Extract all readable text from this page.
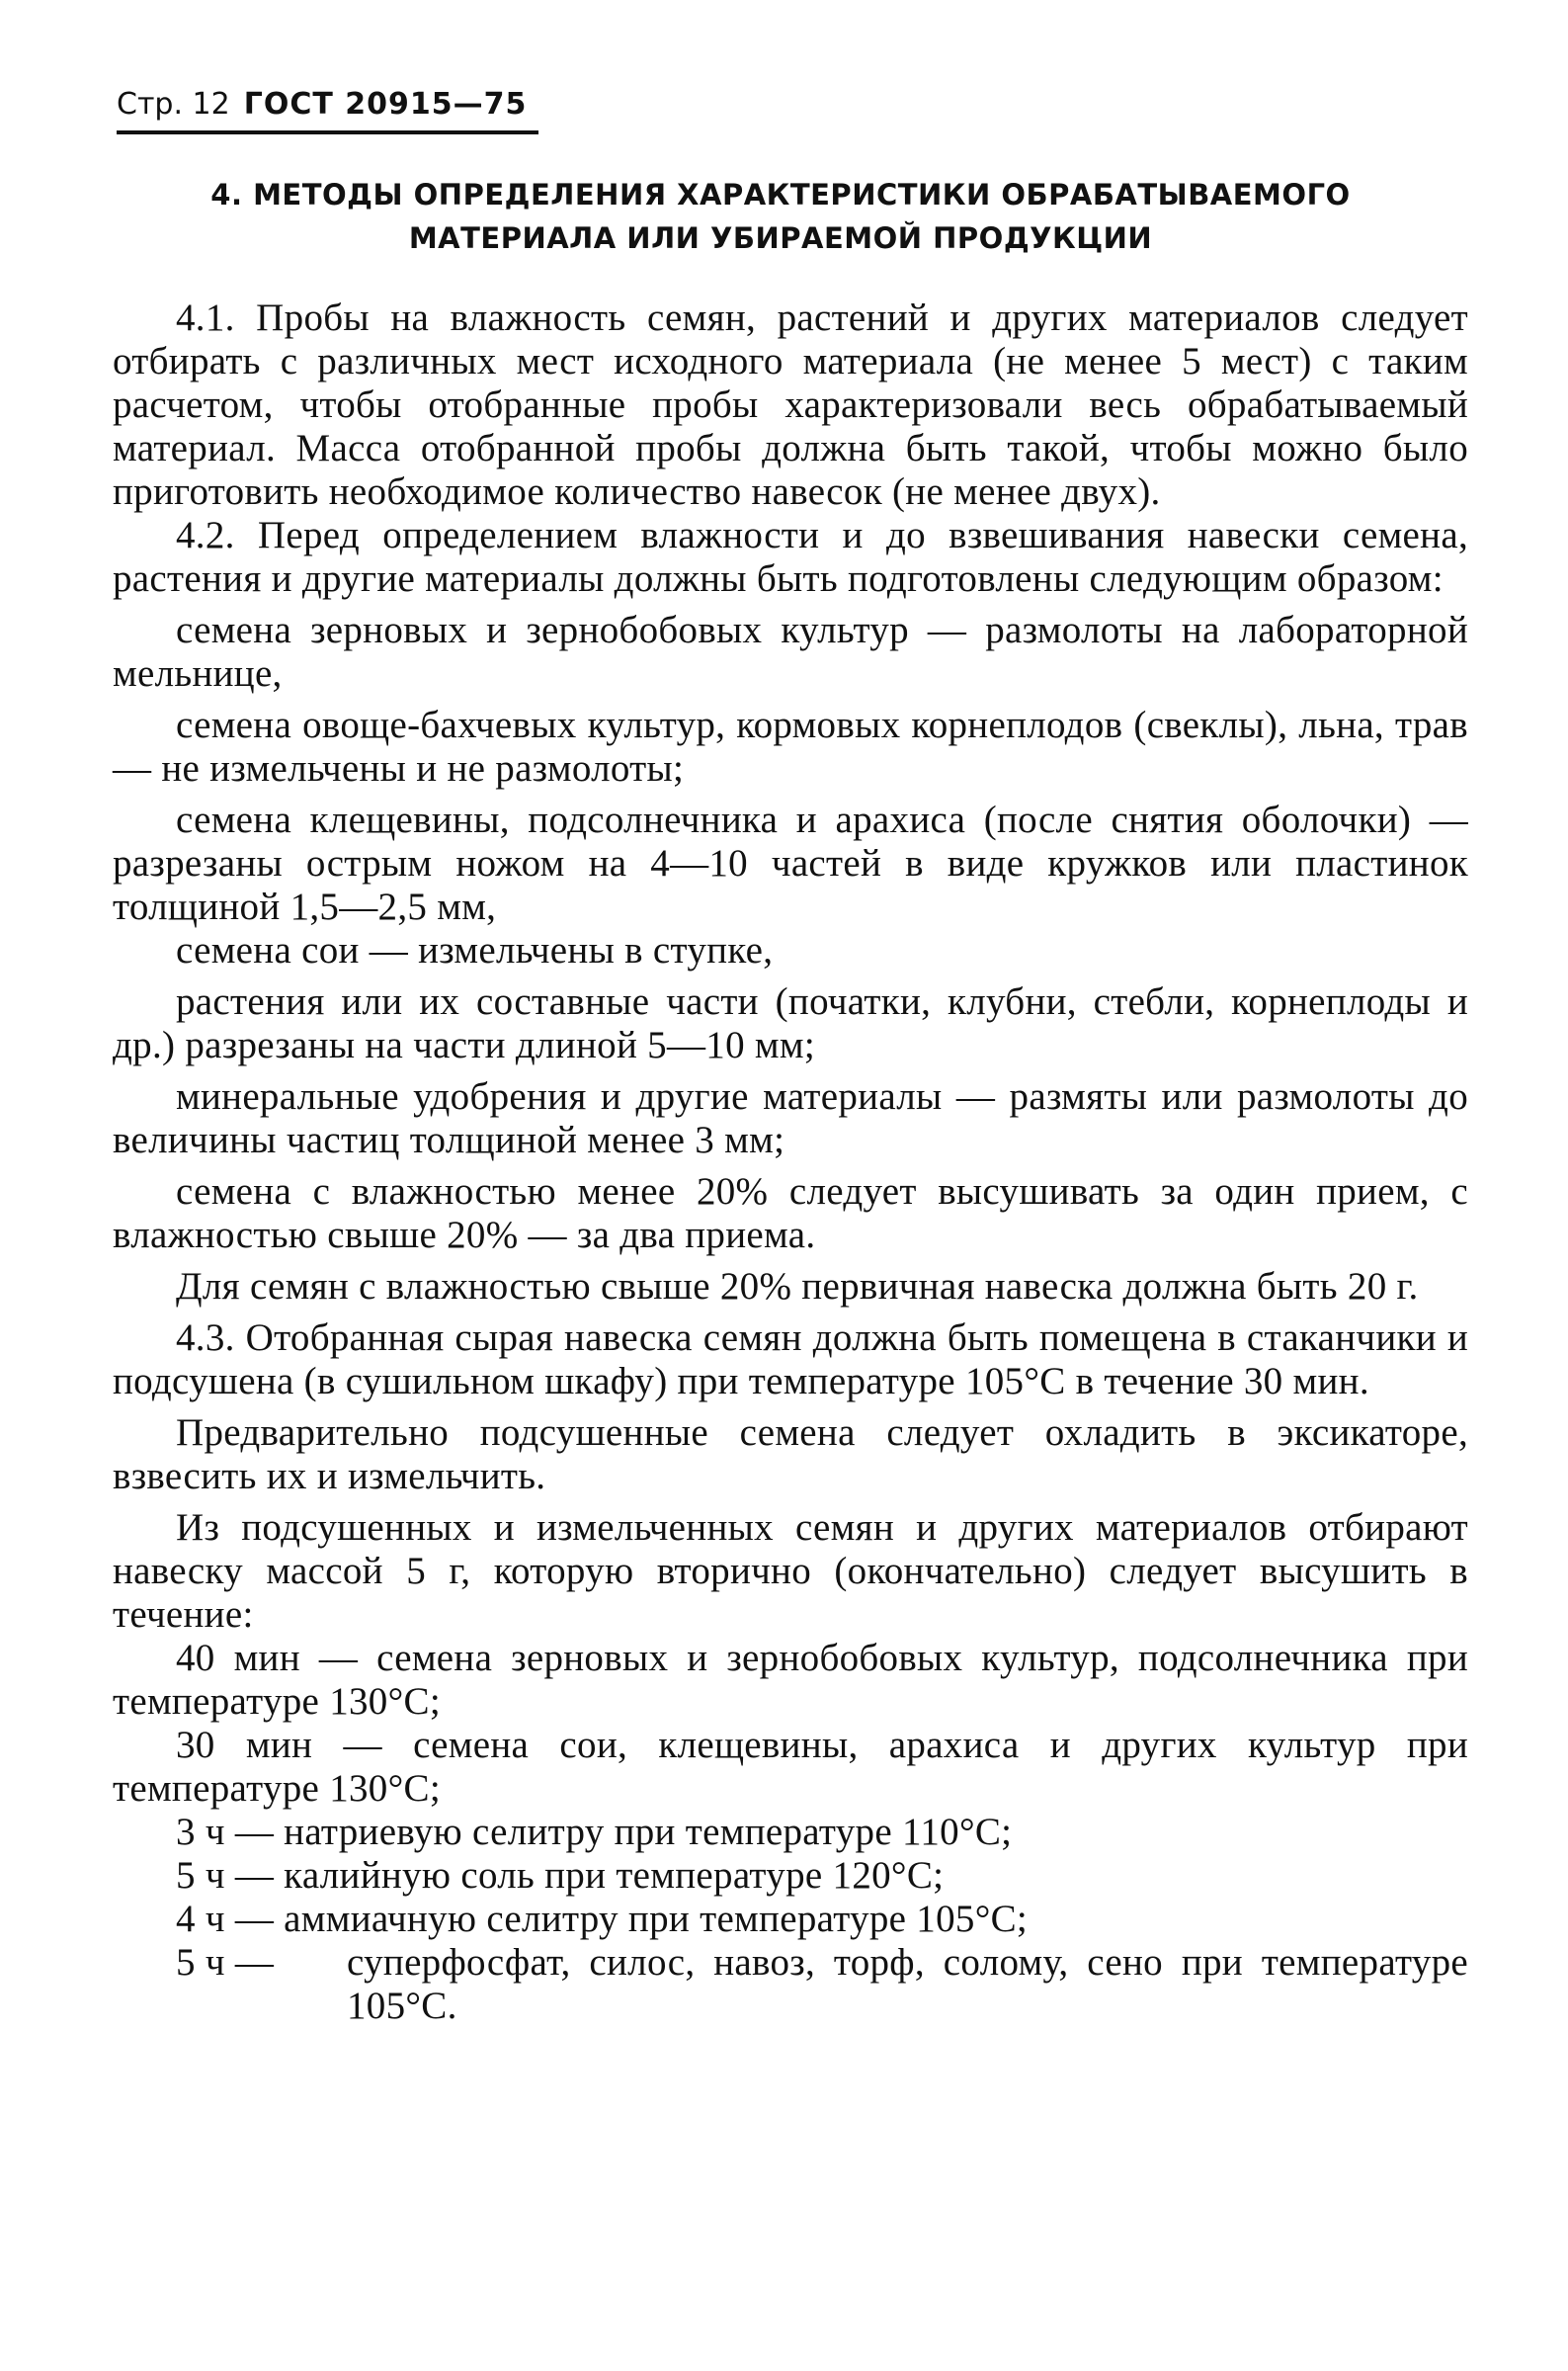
Стр. 12 ГОСТ 20915—75
4. МЕТОДЫ ОПРЕДЕЛЕНИЯ ХАРАКТЕРИСТИКИ ОБРАБАТЫВАЕМОГО
МАТЕРИАЛА ИЛИ УБИРАЕМОЙ ПРОДУКЦИИ

4.1. Пробы на влажность семян, растений и других материалов следует отбирать с различных мест исходного материала (не менее 5 мест) с таким расчетом, чтобы отобранные пробы характеризовали весь обрабатываемый материал. Масса отобранной пробы должна быть такой, чтобы можно было приготовить необходимое количество навесок (не менее двух).

4.2. Перед определением влажности и до взвешивания навески семена, растения и другие материалы должны быть подготовлены следующим образом:

семена зерновых и зернобобовых культур — размолоты на лабораторной мельнице,

семена овоще-бахчевых культур, кормовых корнеплодов (свеклы), льна, трав — не измельчены и не размолоты;

семена клещевины, подсолнечника и арахиса (после снятия оболочки) — разрезаны острым ножом на 4—10 частей в виде кружков или пластинок толщиной 1,5—2,5 мм,

семена сои — измельчены в ступке,

растения или их составные части (початки, клубни, стебли, корнеплоды и др.) разрезаны на части длиной 5—10 мм;

минеральные удобрения и другие материалы — размяты или размолоты до величины частиц толщиной менее 3 мм;

семена с влажностью менее 20% следует высушивать за один прием, с влажностью свыше 20% — за два приема.

Для семян с влажностью свыше 20% первичная навеска должна быть 20 г.

4.3. Отобранная сырая навеска семян должна быть помещена в стаканчики и подсушена (в сушильном шкафу) при температуре 105°С в течение 30 мин.

Предварительно подсушенные семена следует охладить в эксикаторе, взвесить их и измельчить.

Из подсушенных и измельченных семян и других материалов отбирают навеску массой 5 г, которую вторично (окончательно) следует высушить в течение:

40 мин — семена зерновых и зернобобовых культур, подсолнечника при температуре 130°С;

30 мин — семена сои, клещевины, арахиса и других культур при температуре 130°С;

3 ч — натриевую селитру при температуре 110°С;

5 ч — калийную соль при температуре 120°С;

4 ч — аммиачную селитру при температуре 105°С;

5 ч —суперфосфат, силос, навоз, торф, солому, сено при температуре 105°С.
